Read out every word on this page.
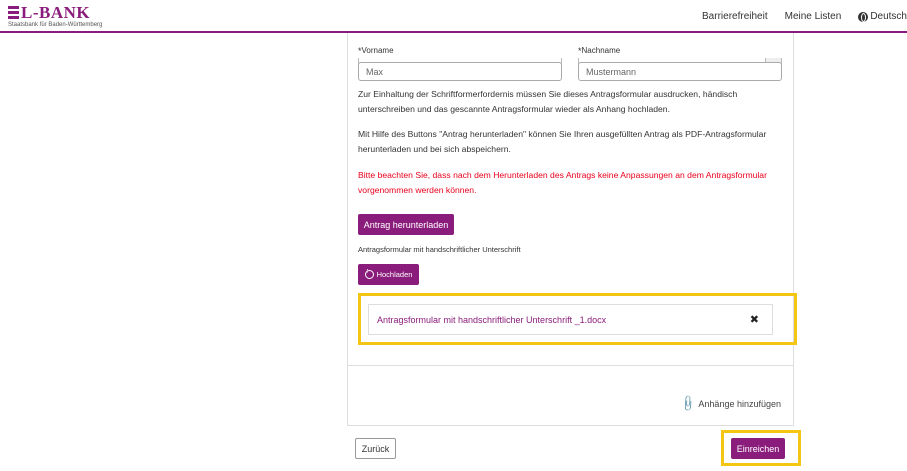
L-BANK
Staatsbank für Baden-Württemberg
Barrierefreiheit Meine Listen	Deutsch
*Vorname	*Nachname
Max	Mustermann
Zur Einhaltung der Schriftformerfordernis müssen Sie dieses Antragsformular ausdrucken, händisch unterschreiben und das gescannte Antragsformular wieder als Anhang hochladen.
Mit Hilfe des Buttons "Antrag herunterladen" können Sie Ihren ausgefüllten Antrag als PDF-Antragsformular herunterladen und bei sich abspeichern.
Bitte beachten Sie, dass nach dem Herunterladen des Antrags keine Anpassungen an dem Antragsformular vorgenommen werden können.
Antrag herunterladen
Antragsformular mit handschriftlicher Unterschrift
↑
Hochladen
Antragsformular mit handschriftlicher Unterschrift _1.docx	✖
📎 Anhänge hinzufügen
Zurück	Einreichen
